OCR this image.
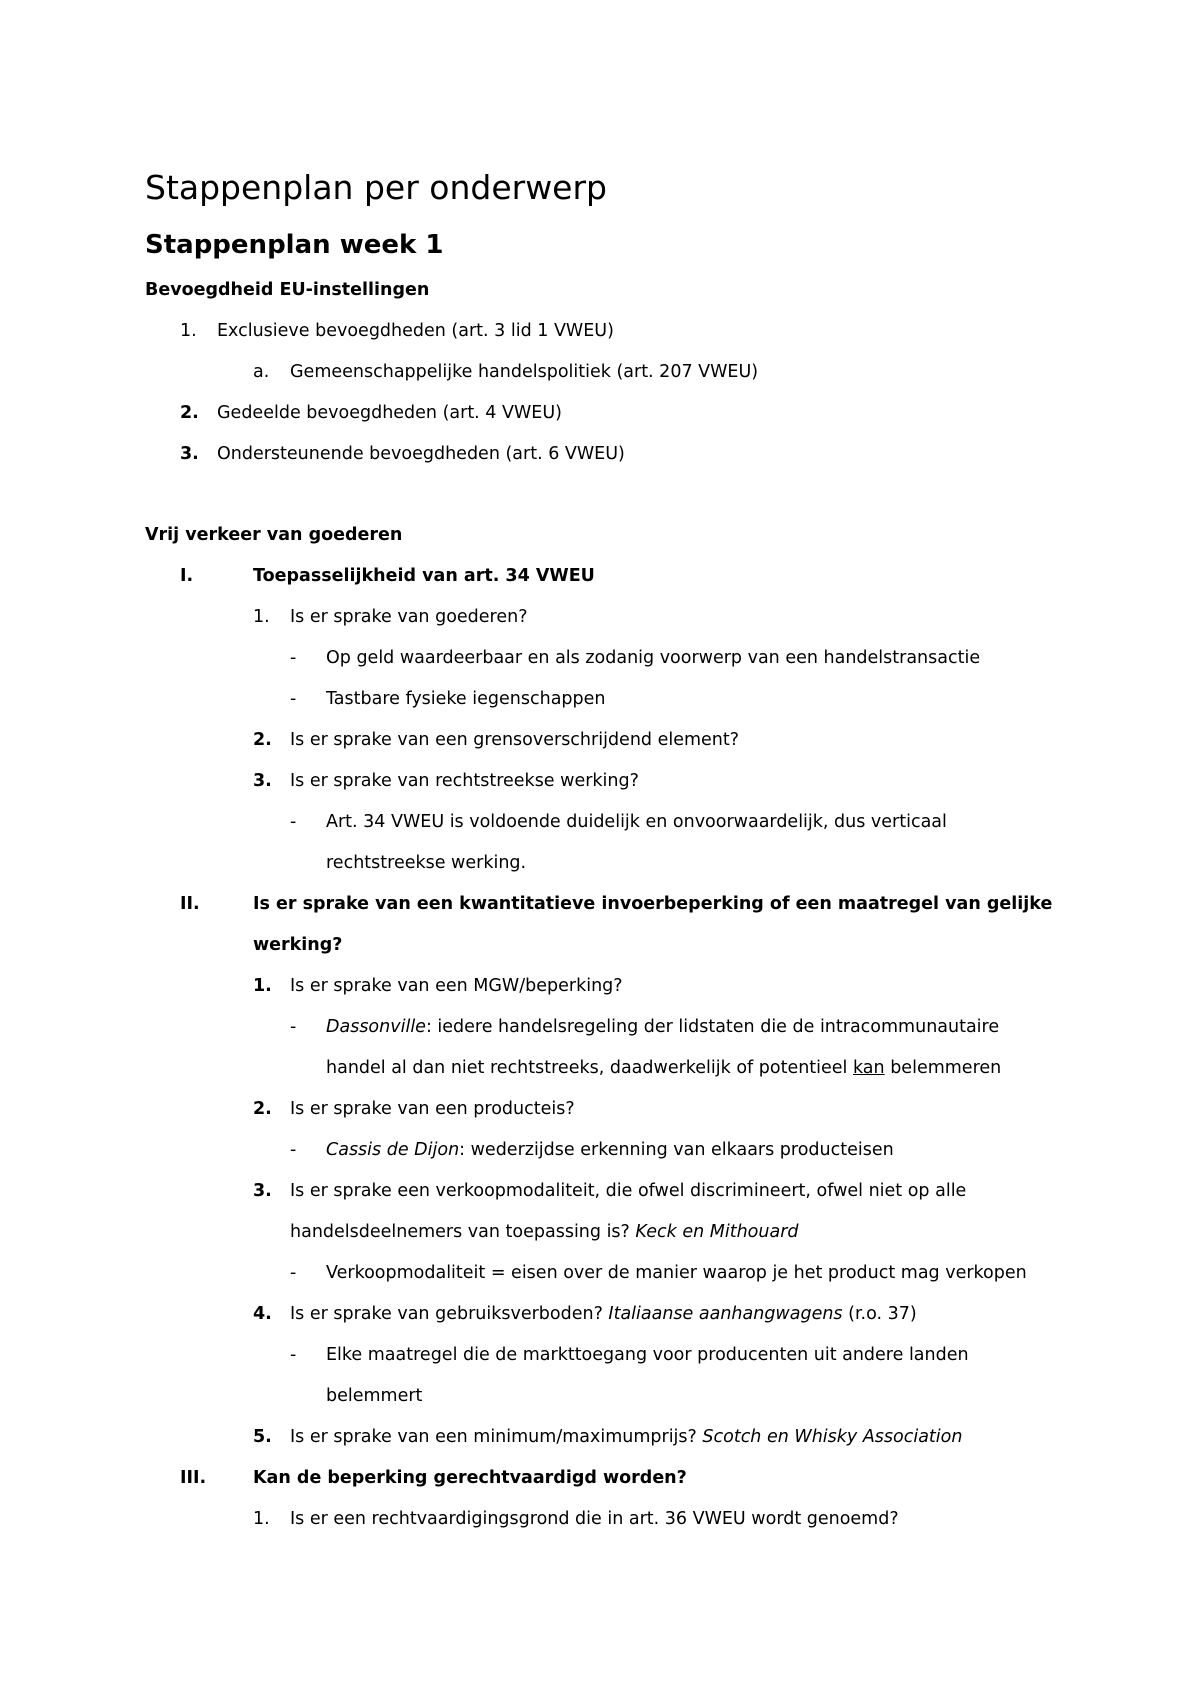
Stappenplan per onderwerp
Stappenplan week 1
Bevoegdheid EU-instellingen
1. Exclusieve bevoegdheden (art. 3 lid 1 VWEU)
a. Gemeenschappelijke handelspolitiek (art. 207 VWEU)
2. Gedeelde bevoegdheden (art. 4 VWEU)
3. Ondersteunende bevoegdheden (art. 6 VWEU)
Vrij verkeer van goederen
I.	Toepasselijkheid van art. 34 VWEU
1. Is er sprake van goederen?
- Op geld waardeerbaar en als zodanig voorwerp van een handelstransactie
- Tastbare fysieke iegenschappen
2. Is er sprake van een grensoverschrijdend element?
3. Is er sprake van rechtstreekse werking?
- Art. 34 VWEU is voldoende duidelijk en onvoorwaardelijk, dus verticaal
rechtstreekse werking.
II.	Is er sprake van een kwantitatieve invoerbeperking of een maatregel van gelijke
werking?
1. Is er sprake van een MGW/beperking?
- Dassonville: iedere handelsregeling der lidstaten die de intracommunautaire
handel al dan niet rechtstreeks, daadwerkelijk of potentieel kan belemmeren
2. Is er sprake van een producteis?
- Cassis de Dijon: wederzijdse erkenning van elkaars producteisen
3. Is er sprake een verkoopmodaliteit, die ofwel discrimineert, ofwel niet op alle
handelsdeelnemers van toepassing is? Keck en Mithouard
- Verkoopmodaliteit = eisen over de manier waarop je het product mag verkopen
4. Is er sprake van gebruiksverboden? Italiaanse aanhangwagens (r.o. 37)
- Elke maatregel die de markttoegang voor producenten uit andere landen
belemmert
5. Is er sprake van een minimum/maximumprijs? Scotch en Whisky Association
III.	Kan de beperking gerechtvaardigd worden?
1. Is er een rechtvaardigingsgrond die in art. 36 VWEU wordt genoemd?
